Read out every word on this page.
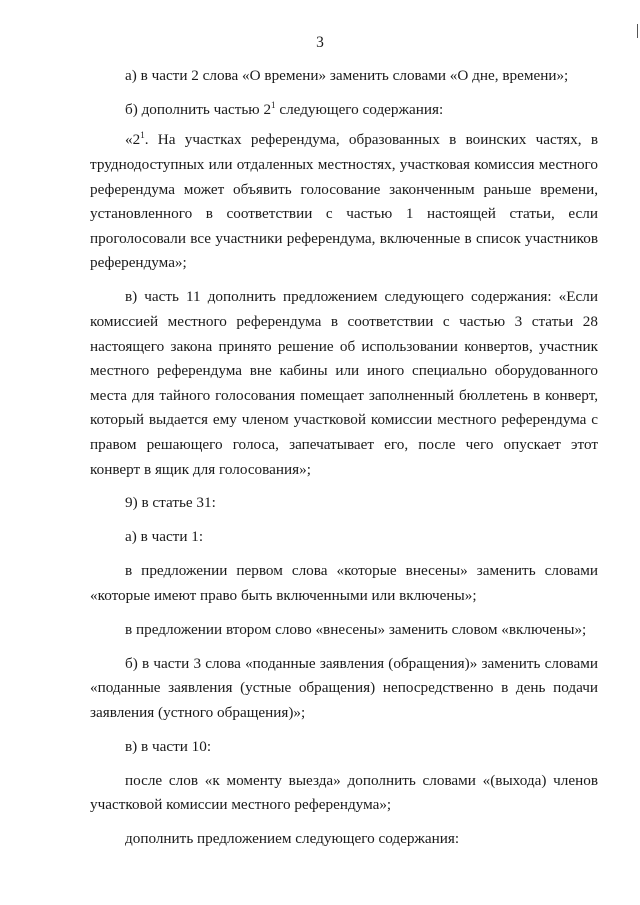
3

а) в части 2 слова «О времени» заменить словами «О дне, времени»;

б) дополнить частью $2^1$ следующего содержания:

«$2^1$. На участках референдума, образованных в воинских частях, в труднодоступных или отдаленных местностях, участковая комиссия местного референдума может объявить голосование законченным раньше времени, установленного в соответствии с частью 1 настоящей статьи, если проголосовали все участники референдума, включенные в список участников референдума»;

в) часть 11 дополнить предложением следующего содержания: «Если комиссией местного референдума в соответствии с частью 3 статьи 28 настоящего закона принято решение об использовании конвертов, участник местного референдума вне кабины или иного специально оборудованного места для тайного голосования помещает заполненный бюллетень в конверт, который выдается ему членом участковой комиссии местного референдума с правом решающего голоса, запечатывает его, после чего опускает этот конверт в ящик для голосования»;

9) в статье 31:

а) в части 1:

в предложении первом слова «которые внесены» заменить словами «которые имеют право быть включенными или включены»;

в предложении втором слово «внесены» заменить словом «включены»;

б) в части 3 слова «поданные заявления (обращения)» заменить словами «поданные заявления (устные обращения) непосредственно в день подачи заявления (устного обращения)»;

в) в части 10:

после слов «к моменту выезда» дополнить словами «(выхода) членов участковой комиссии местного референдума»;

дополнить предложением следующего содержания:
